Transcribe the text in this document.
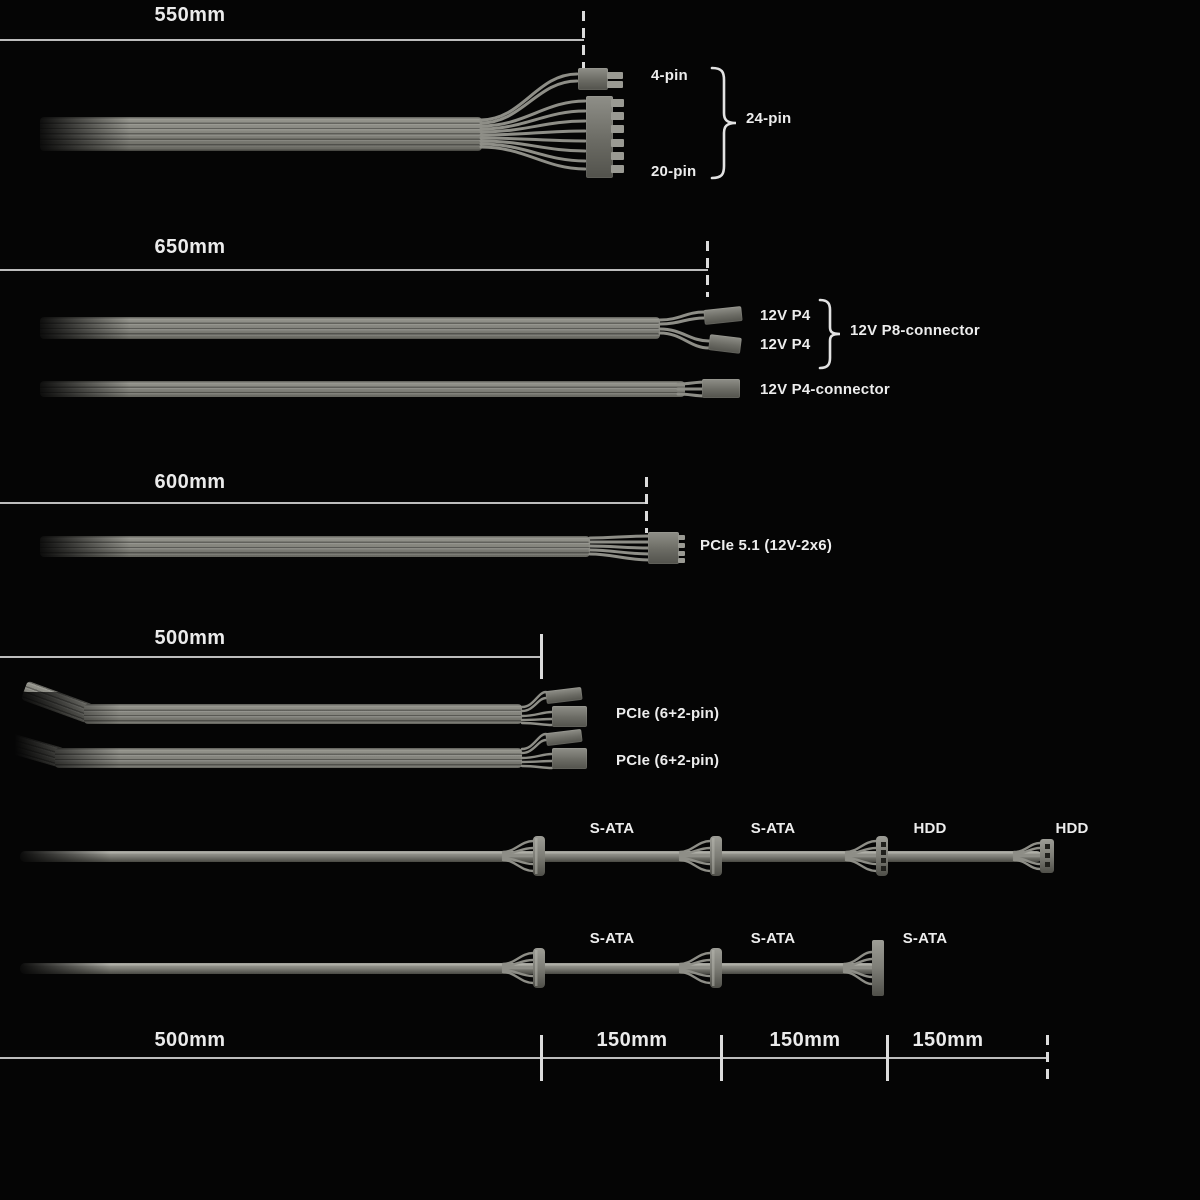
550mm
4-pin
20-pin
24-pin
650mm
12V P4
12V P4
12V P8-connector
12V P4-connector
600mm
PCIe 5.1 (12V-2x6)
500mm
PCIe (6+2-pin)
PCIe (6+2-pin)
S-ATA	S-ATA	HDD	HDD
S-ATA	S-ATA	S-ATA
500mm	150mm	150mm	150mm
